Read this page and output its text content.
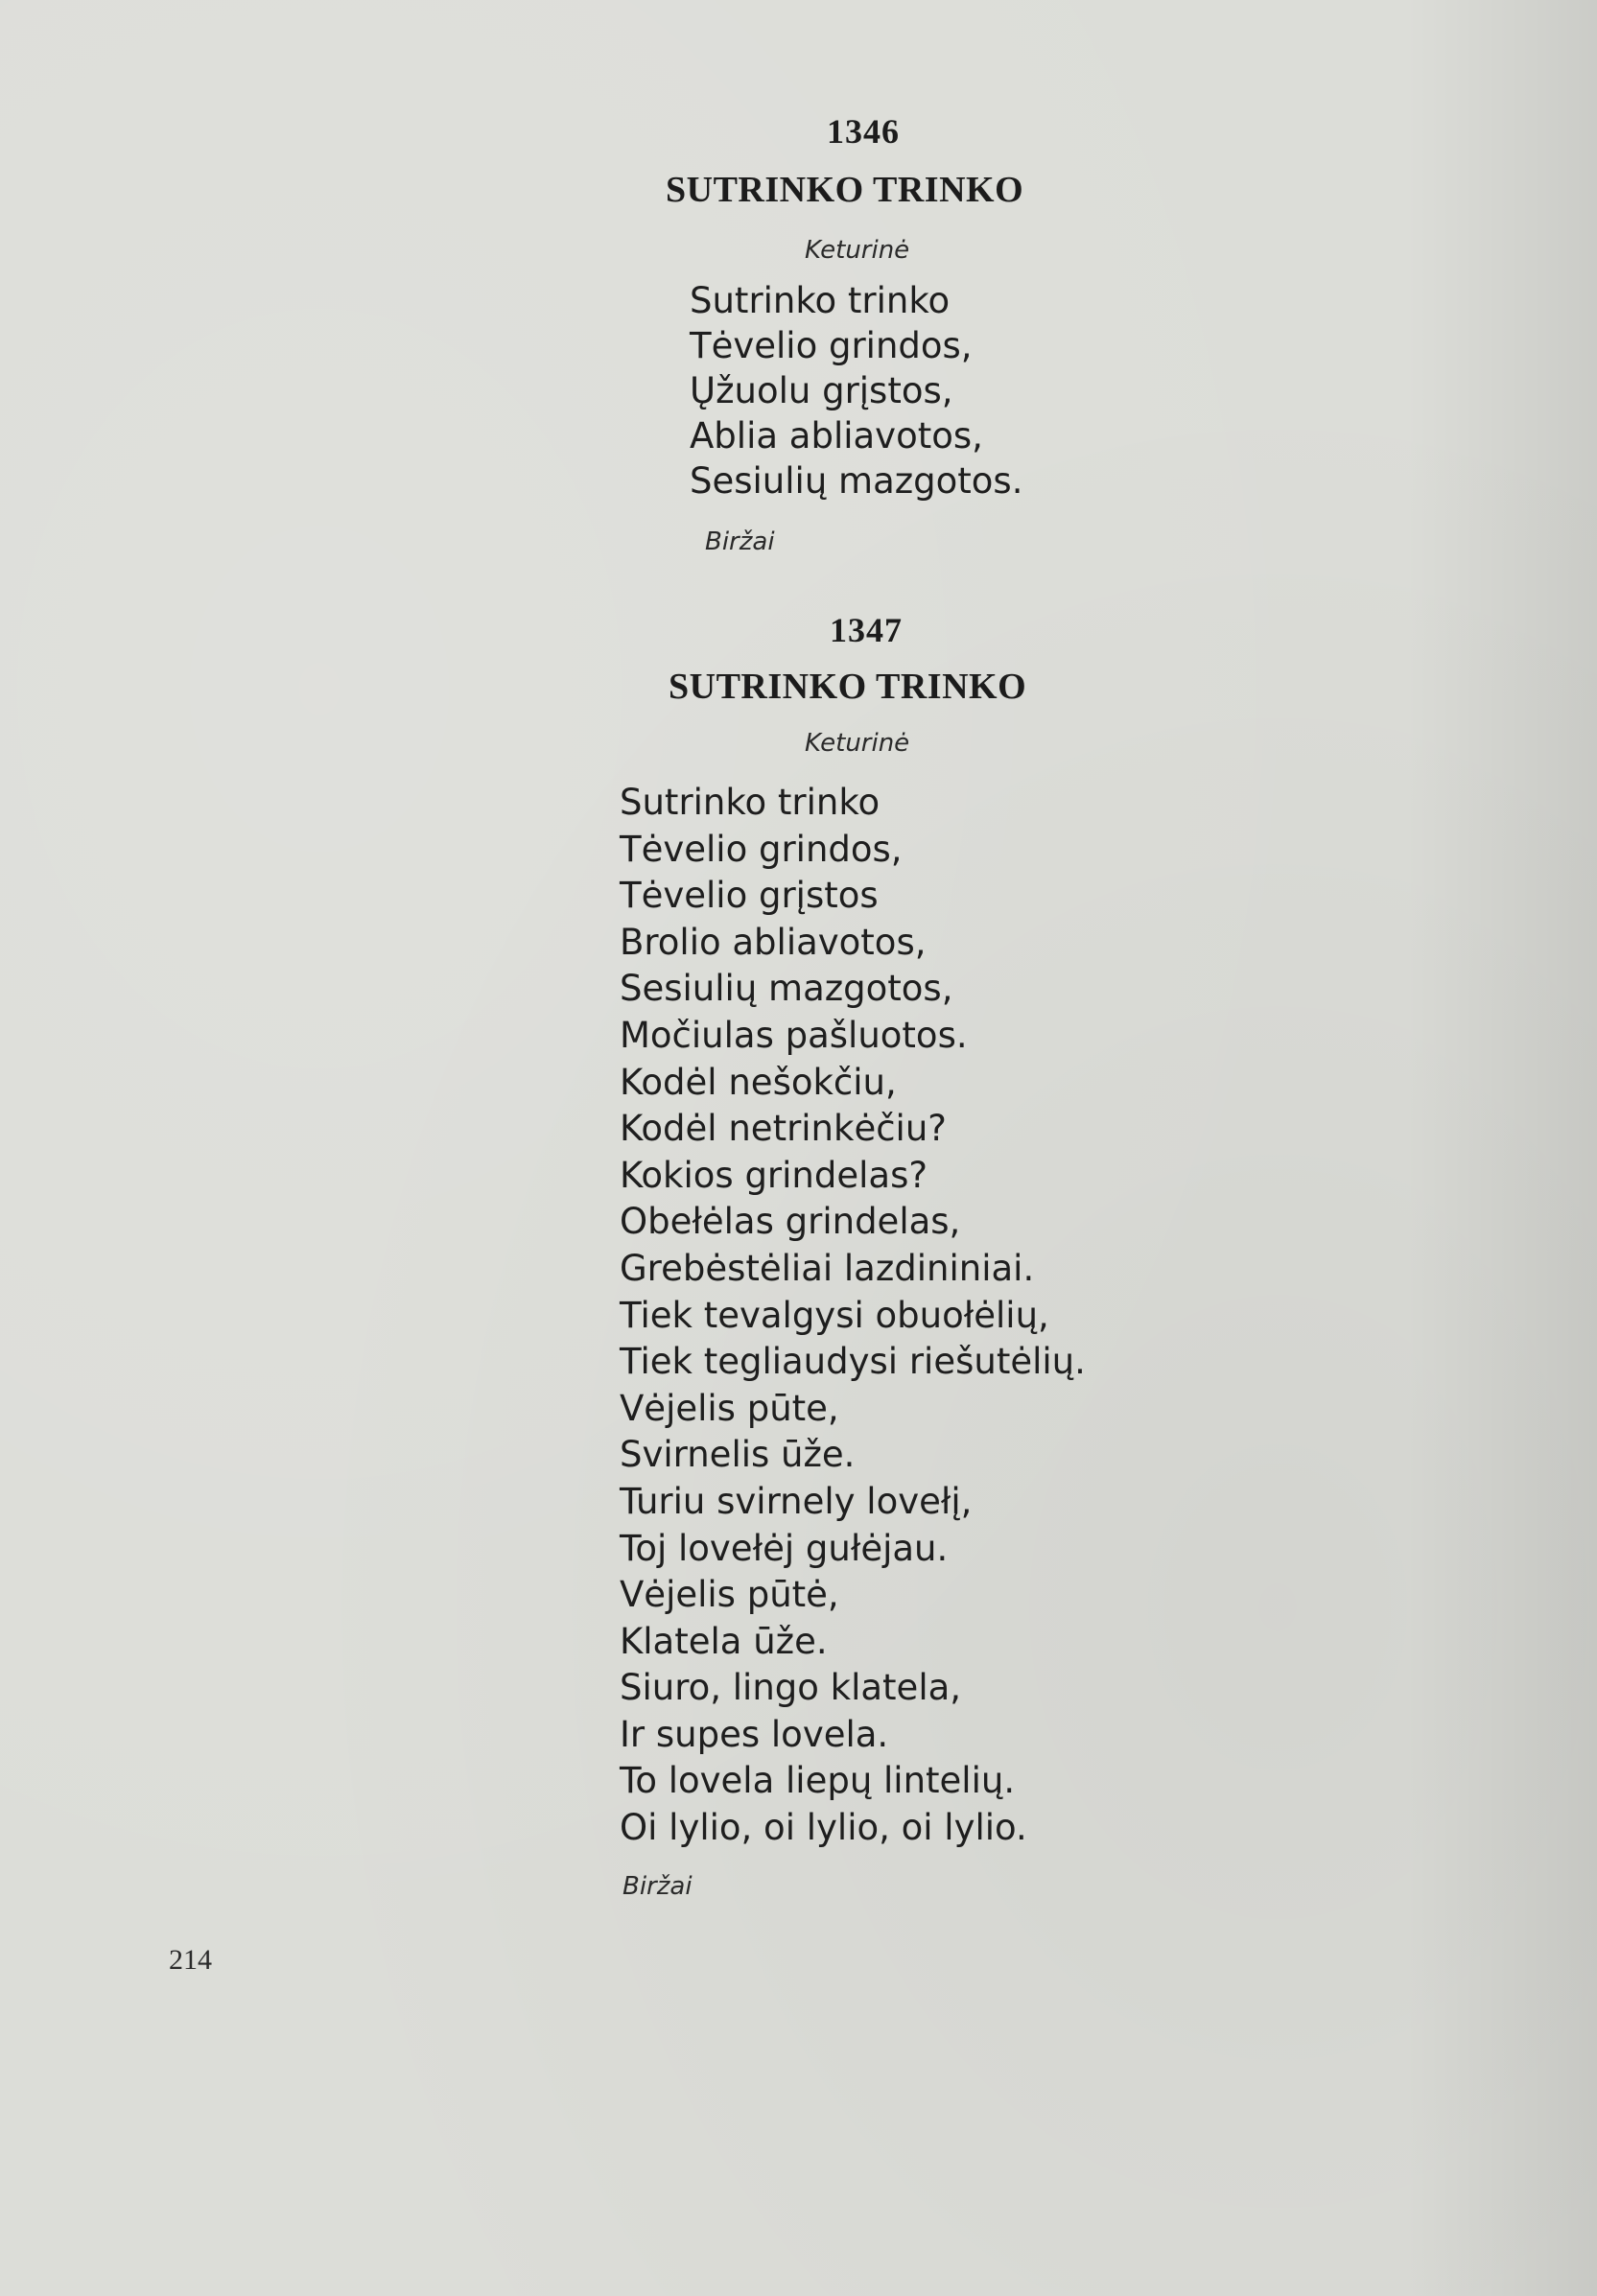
1346
SUTRINKO TRINKO
Keturinė
Sutrinko trinko
Tėvelio grindos,
Ųžuolu grįstos,
Ablia abliavotos,
Sesiulių mazgotos.
Biržai
1347
SUTRINKO TRINKO
Keturinė
Sutrinko trinko
Tėvelio grindos,
Tėvelio grįstos
Brolio abliavotos,
Sesiulių mazgotos,
Močiulas pašluotos.
Kodėl nešokčiu,
Kodėl netrinkėčiu?
Kokios grindelas?
Obełėlas grindelas,
Grebėstėliai lazdininiai.
Tiek tevalgysi obuołėlių,
Tiek tegliaudysi riešutėlių.
Vėjelis pūte,
Svirnelis ūže.
Turiu svirnely lovełį,
Toj lovełėj gułėjau.
Vėjelis pūtė,
Klatela ūže.
Siuro, lingo klatela,
Ir supes lovela.
To lovela liepų lintelių.
Oi lylio, oi lylio, oi lylio.
Biržai
214
